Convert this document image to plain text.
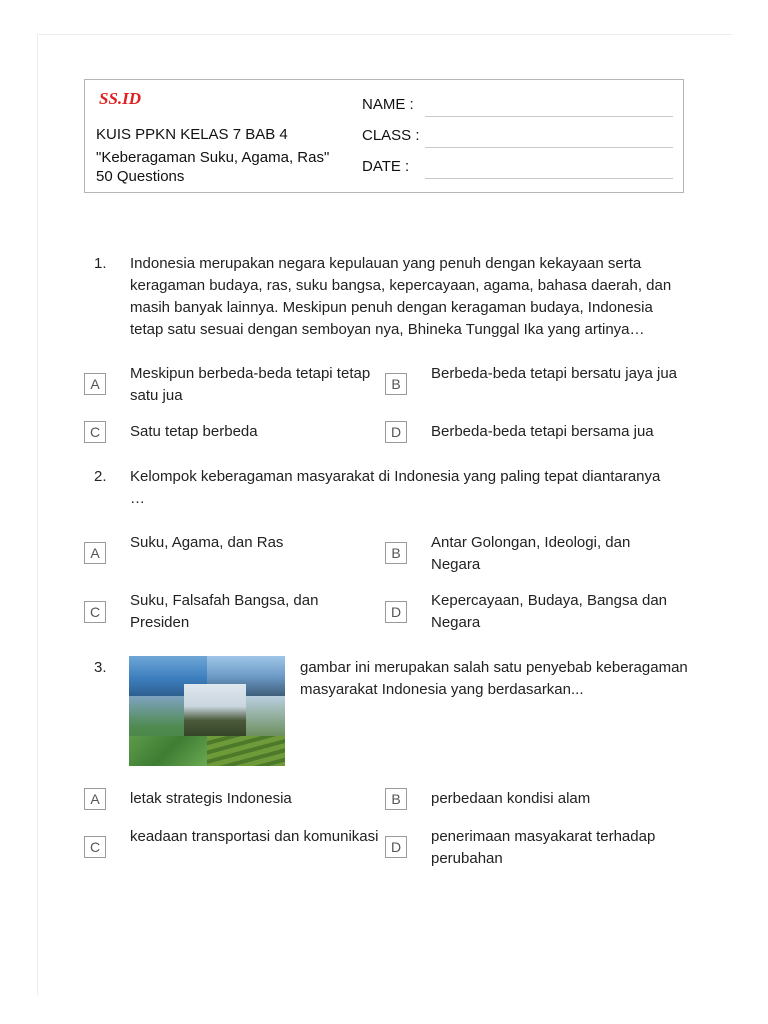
SS.ID
KUIS PPKN KELAS 7 BAB 4
"Keberagaman Suku, Agama, Ras"
50 Questions
NAME :
CLASS :
DATE :
1. Indonesia merupakan negara kepulauan yang penuh dengan kekayaan serta keragaman budaya, ras, suku bangsa, kepercayaan, agama, bahasa daerah, dan masih banyak lainnya. Meskipun penuh dengan keragaman budaya, Indonesia tetap satu sesuai dengan semboyan nya, Bhineka Tunggal Ika yang artinya…
A
Meskipun berbeda-beda tetapi tetap satu jua
B
Berbeda-beda tetapi bersatu jaya jua
C	Satu tetap berbeda	D	Berbeda-beda tetapi bersama jua
2. Kelompok keberagaman masyarakat di Indonesia yang paling tepat diantaranya …
A
Suku, Agama, dan Ras
B
Antar Golongan, Ideologi, dan Negara
C
Suku, Falsafah Bangsa, dan Presiden
D
Kepercayaan, Budaya, Bangsa dan Negara
3.	gambar ini merupakan salah satu penyebab keberagaman masyarakat Indonesia yang berdasarkan...
A	letak strategis Indonesia	B	perbedaan kondisi alam
C
keadaan transportasi dan komunikasi
D
penerimaan masyakarat terhadap perubahan
